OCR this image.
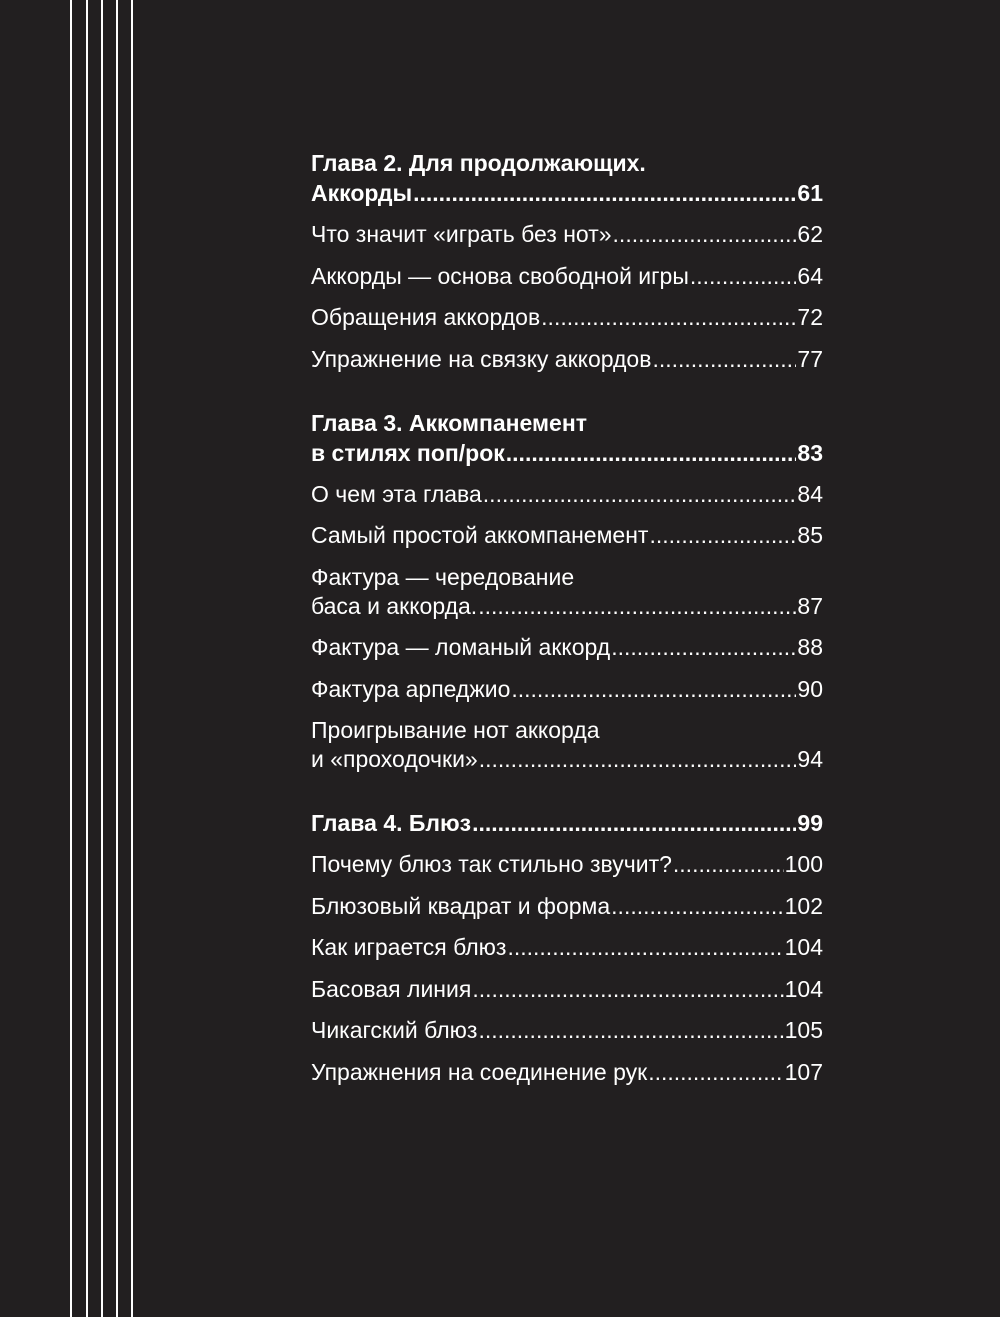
Глава 2. Для продолжающих.
Аккорды .....	61
Что значит «играть без нот» .....	62
Аккорды — основа свободной игры .....	64
Обращения аккордов .....	72
Упражнение на связку аккордов .....	77
Глава 3. Аккомпанемент
в стилях поп/рок .....	83
О чем эта глава .....	84
Самый простой аккомпанемент .....	85
Фактура — чередование
баса и аккорда. .....	87
Фактура — ломаный аккорд .....	88
Фактура арпеджио .....	90
Проигрывание нот аккорда
и «проходочки» .....	94
Глава 4. Блюз .....	99
Почему блюз так стильно звучит? .....	100
Блюзовый квадрат и форма .....	102
Как играется блюз .....	104
Басовая линия .....	104
Чикагский блюз .....	105
Упражнения на соединение рук .....	107
